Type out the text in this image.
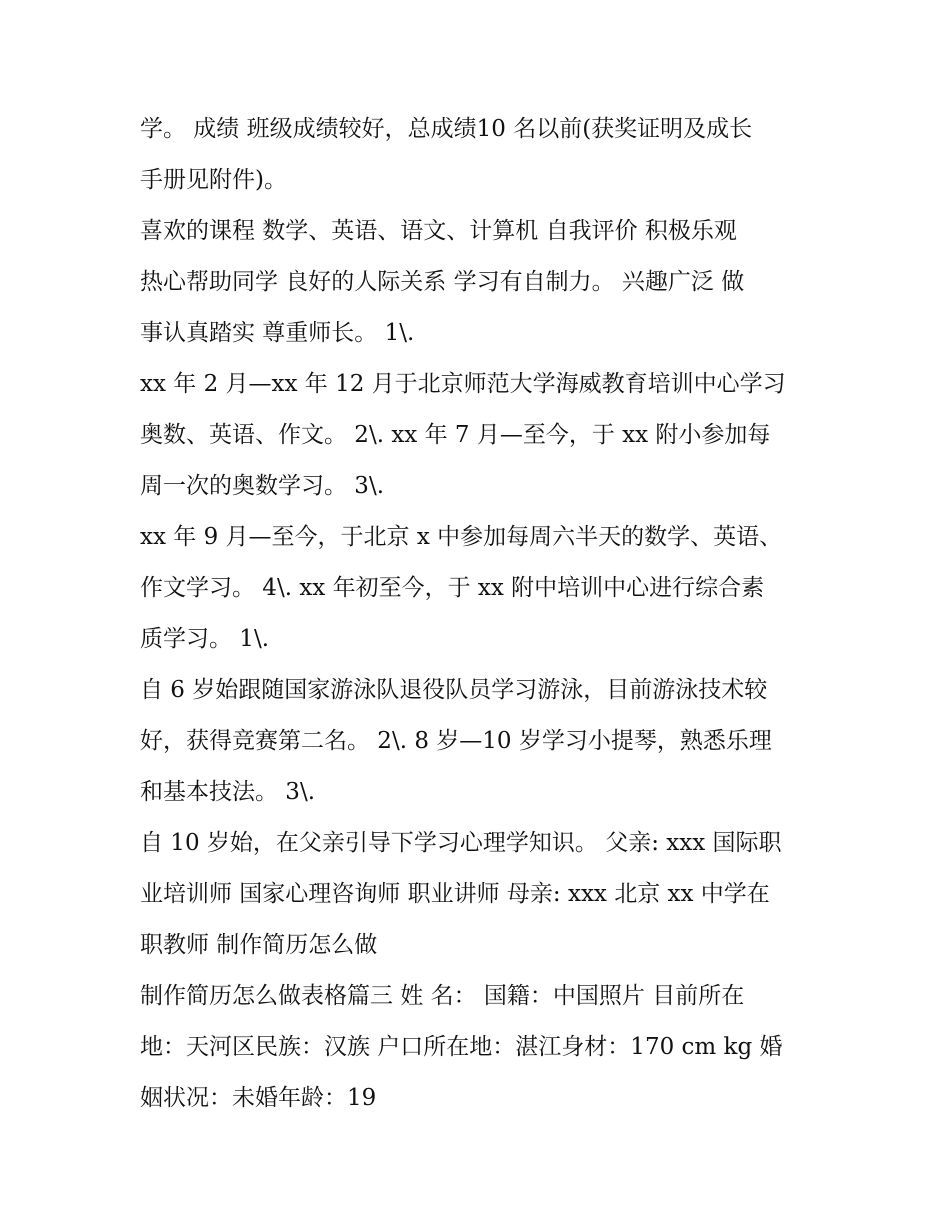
学。 成绩 班级成绩较好，总成绩10 名以前(获奖证明及成长
手册见附件)。
喜欢的课程 数学、英语、语文、计算机 自我评价 积极乐观
热心帮助同学 良好的人际关系 学习有自制力。 兴趣广泛 做
事认真踏实 尊重师长。 1\.
xx 年 2 月—xx 年 12 月于北京师范大学海威教育培训中心学习
奥数、英语、作文。 2\. xx 年 7 月—至今，于 xx 附小参加每
周一次的奥数学习。 3\.
xx 年 9 月—至今，于北京 x 中参加每周六半天的数学、英语、
作文学习。 4\. xx 年初至今，于 xx 附中培训中心进行综合素
质学习。 1\.
自 6 岁始跟随国家游泳队退役队员学习游泳，目前游泳技术较
好，获得竞赛第二名。 2\. 8 岁—10 岁学习小提琴，熟悉乐理
和基本技法。 3\.
自 10 岁始，在父亲引导下学习心理学知识。 父亲: xxx 国际职
业培训师 国家心理咨询师 职业讲师 母亲: xxx 北京 xx 中学在
职教师 制作简历怎么做
制作简历怎么做表格篇三 姓 名： 国籍：中国照片 目前所在
地：天河区民族：汉族 户口所在地：湛江身材：170 cm kg 婚
姻状况：未婚年龄：19
